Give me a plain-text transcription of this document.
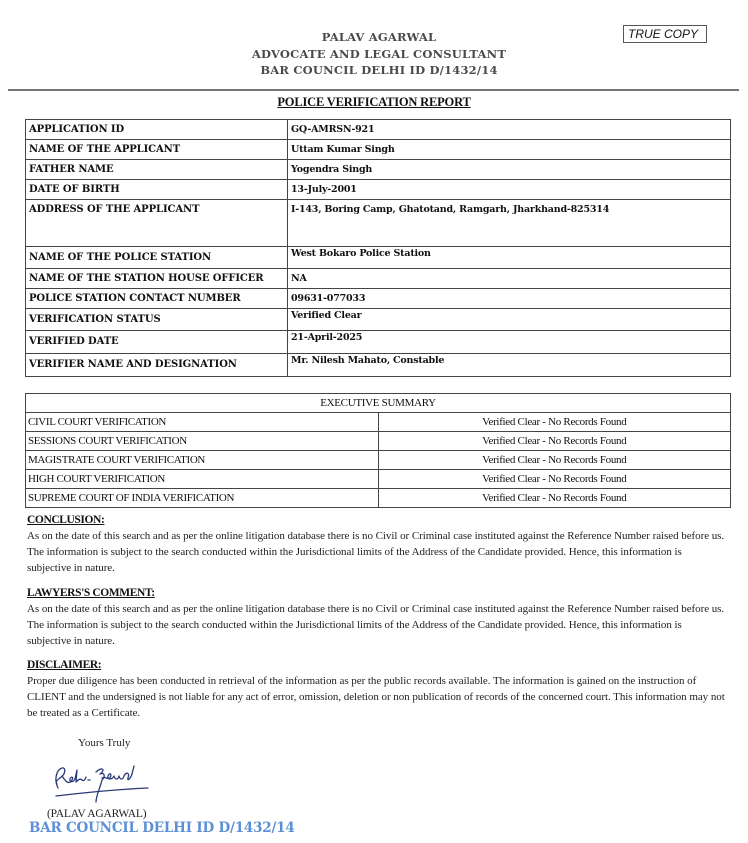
PALAV AGARWAL
ADVOCATE AND LEGAL CONSULTANT
BAR COUNCIL DELHI ID D/1432/14
TRUE COPY
POLICE VERIFICATION REPORT
APPLICATION ID	GQ-AMRSN-921
NAME OF THE APPLICANT	Uttam Kumar Singh
FATHER NAME	Yogendra Singh
DATE OF BIRTH	13-July-2001
ADDRESS OF THE APPLICANT	I-143, Boring Camp, Ghatotand, Ramgarh, Jharkhand-825314
NAME OF THE POLICE STATION	West Bokaro Police Station
NAME OF THE STATION HOUSE OFFICER	NA
POLICE STATION CONTACT NUMBER	09631-077033
VERIFICATION STATUS	Verified Clear
VERIFIED DATE	21-April-2025
VERIFIER NAME AND DESIGNATION	Mr. Nilesh Mahato, Constable
EXECUTIVE SUMMARY	
CIVIL COURT VERIFICATION	Verified Clear - No Records Found
SESSIONS COURT VERIFICATION	Verified Clear - No Records Found
MAGISTRATE COURT VERIFICATION	Verified Clear - No Records Found
HIGH COURT VERIFICATION	Verified Clear - No Records Found
SUPREME COURT OF INDIA VERIFICATION	Verified Clear - No Records Found
CONCLUSION:
As on the date of this search and as per the online litigation database there is no Civil or Criminal case instituted against the Reference Number raised before us. The information is subject to the search conducted within the Jurisdictional limits of the Address of the Candidate provided. Hence, this information is subjective in nature.
LAWYERS'S COMMENT:
As on the date of this search and as per the online litigation database there is no Civil or Criminal case instituted against the Reference Number raised before us. The information is subject to the search conducted within the Jurisdictional limits of the Address of the Candidate provided. Hence, this information is subjective in nature.
DISCLAIMER:
Proper due diligence has been conducted in retrieval of the information as per the public records available. The information is gained on the instruction of CLIENT and the undersigned is not liable for any act of error, omission, deletion or non publication of records of the concerned court. This information may not be treated as a Certificate.
Yours Truly
(PALAV AGARWAL)
BAR COUNCIL DELHI ID D/1432/14
